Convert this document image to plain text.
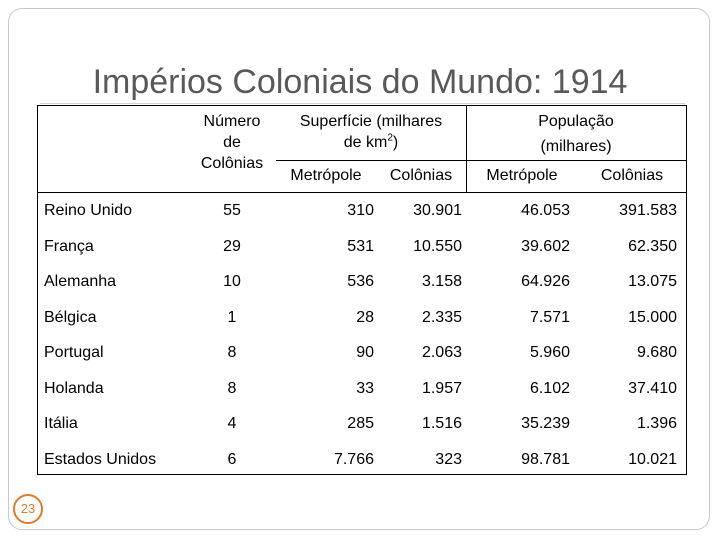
Impérios Coloniais do Mundo: 1914
Número
de
Colônias
Superfície (milhares
de $km^2$)
População
(milhares)
Metrópole	Colônias	Metrópole	Colônias
Reino Unido	55	310	30.901	46.053	391.583
França	29	531	10.550	39.602	62.350
Alemanha	10	536	3.158	64.926	13.075
Bélgica	1	28	2.335	7.571	15.000
Portugal	8	90	2.063	5.960	9.680
Holanda	8	33	1.957	6.102	37.410
Itália	4	285	1.516	35.239	1.396
Estados Unidos	6	7.766	323	98.781	10.021
23
